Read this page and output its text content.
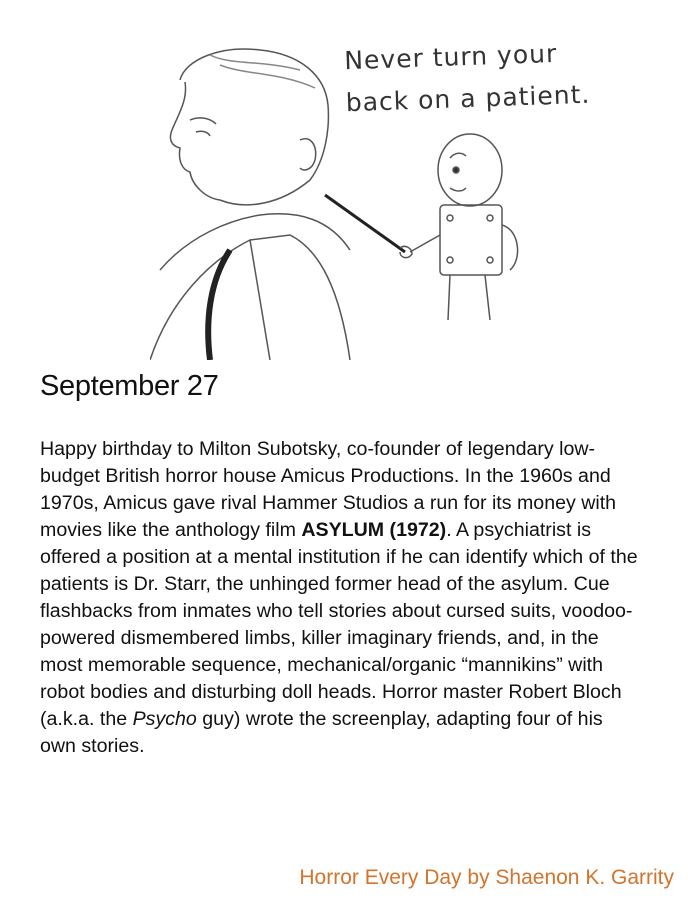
Never turn your
back on a patient.
September 27

Happy birthday to Milton Subotsky, co-founder of legendary low-budget British horror house Amicus Productions. In the 1960s and 1970s, Amicus gave rival Hammer Studios a run for its money with movies like the anthology film ASYLUM (1972). A psychiatrist is offered a position at a mental institution if he can identify which of the patients is Dr. Starr, the unhinged former head of the asylum. Cue flashbacks from inmates who tell stories about cursed suits, voodoo-powered dismembered limbs, killer imaginary friends, and, in the most memorable sequence, mechanical/organic “mannikins” with robot bodies and disturbing doll heads. Horror master Robert Bloch (a.k.a. the Psycho guy) wrote the screenplay, adapting four of his own stories.

Horror Every Day by Shaenon K. Garrity
